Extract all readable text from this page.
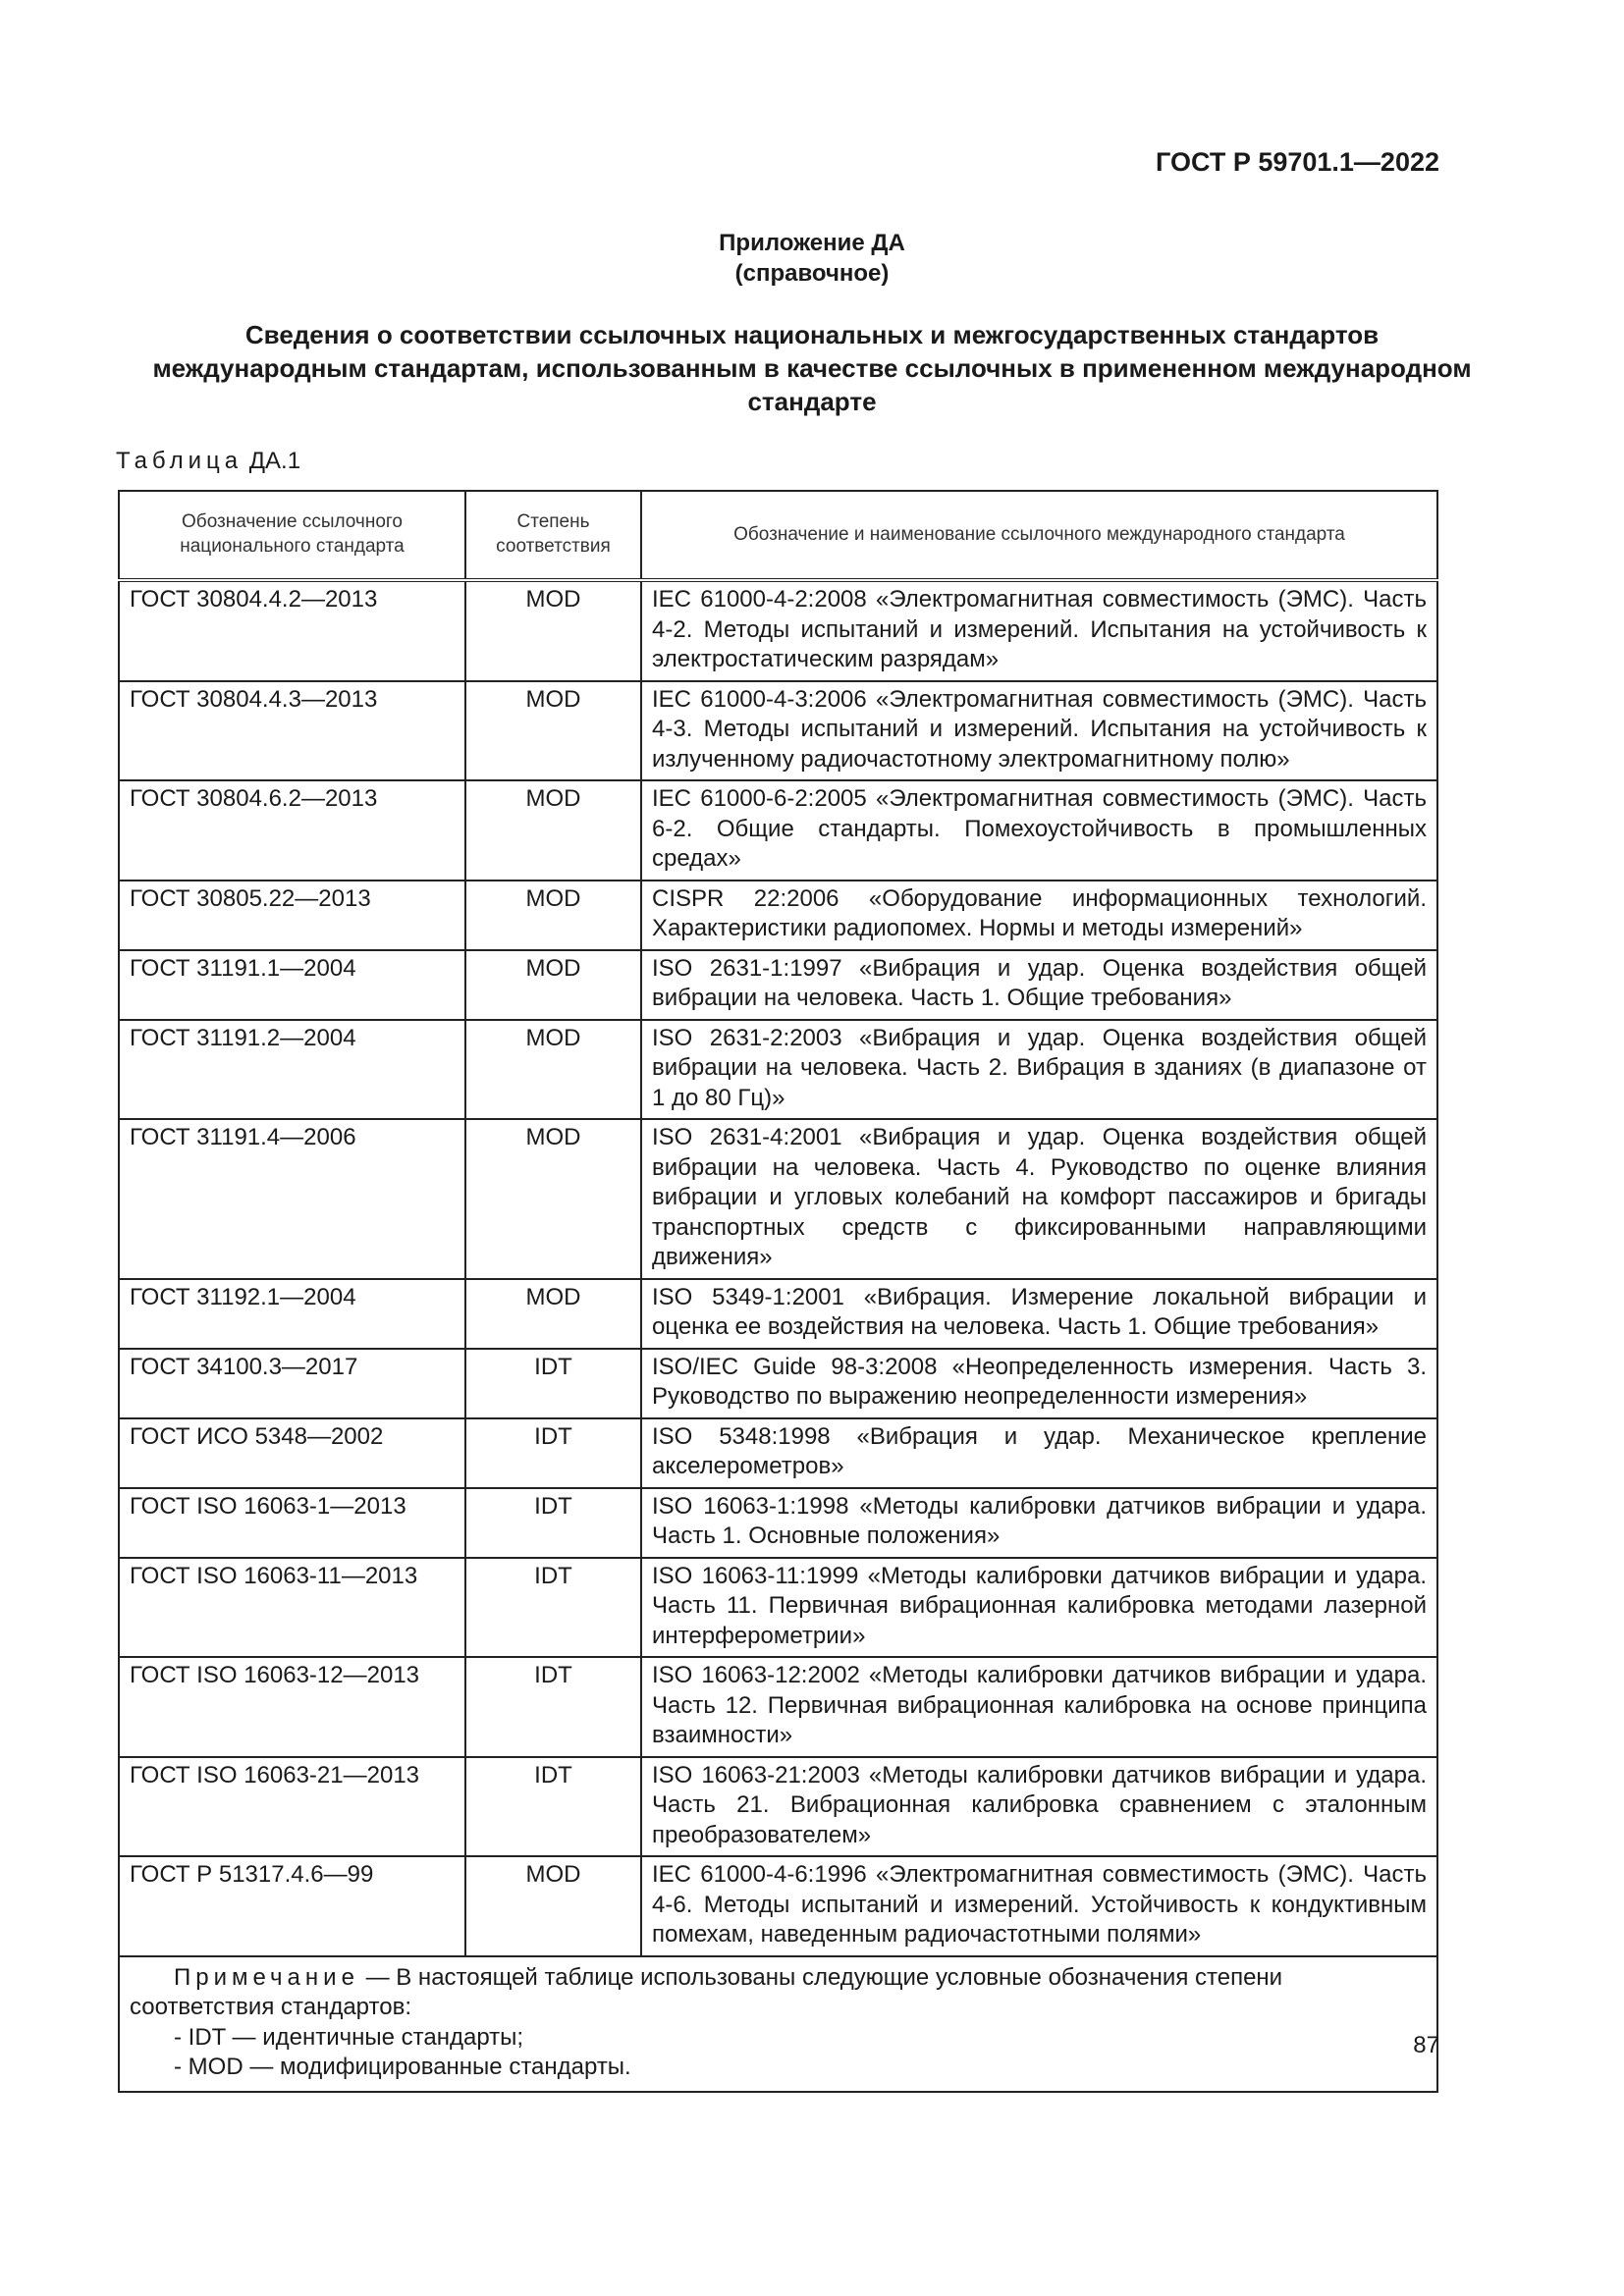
ГОСТ Р 59701.1—2022
Приложение ДА
(справочное)
Сведения о соответствии ссылочных национальных и межгосударственных стандартов международным стандартам, использованным в качестве ссылочных в примененном международном стандарте
Таблица ДА.1
Обозначение ссылочного национального стандарта	Степень соответствия	Обозначение и наименование ссылочного международного стандарта
ГОСТ 30804.4.2—2013	MOD	IEC 61000-4-2:2008 «Электромагнитная совместимость (ЭМС). Часть 4-2. Методы испытаний и измерений. Испытания на устойчивость к электростатическим разрядам»
ГОСТ 30804.4.3—2013	MOD	IEC 61000-4-3:2006 «Электромагнитная совместимость (ЭМС). Часть 4-3. Методы испытаний и измерений. Испытания на устойчивость к излученному радиочастотному электромагнитному полю»
ГОСТ 30804.6.2—2013	MOD	IEC 61000-6-2:2005 «Электромагнитная совместимость (ЭМС). Часть 6-2. Общие стандарты. Помехоустойчивость в промышленных средах»
ГОСТ 30805.22—2013	MOD	CISPR 22:2006 «Оборудование информационных технологий. Характеристики радиопомех. Нормы и методы измерений»
ГОСТ 31191.1—2004	MOD	ISO 2631-1:1997 «Вибрация и удар. Оценка воздействия общей вибрации на человека. Часть 1. Общие требования»
ГОСТ 31191.2—2004	MOD	ISO 2631-2:2003 «Вибрация и удар. Оценка воздействия общей вибрации на человека. Часть 2. Вибрация в зданиях (в диапазоне от 1 до 80 Гц)»
ГОСТ 31191.4—2006	MOD	ISO 2631-4:2001 «Вибрация и удар. Оценка воздействия общей вибрации на человека. Часть 4. Руководство по оценке влияния вибрации и угловых колебаний на комфорт пассажиров и бригады транспортных средств с фиксированными направляющими движения»
ГОСТ 31192.1—2004	MOD	ISO 5349-1:2001 «Вибрация. Измерение локальной вибрации и оценка ее воздействия на человека. Часть 1. Общие требования»
ГОСТ 34100.3—2017	IDT	ISO/IEC Guide 98-3:2008 «Неопределенность измерения. Часть 3. Руководство по выражению неопределенности измерения»
ГОСТ ИСО 5348—2002	IDT	ISO 5348:1998 «Вибрация и удар. Механическое крепление акселерометров»
ГОСТ ISO 16063-1—2013	IDT	ISO 16063-1:1998 «Методы калибровки датчиков вибрации и удара. Часть 1. Основные положения»
ГОСТ ISO 16063-11—2013	IDT	ISO 16063-11:1999 «Методы калибровки датчиков вибрации и удара. Часть 11. Первичная вибрационная калибровка методами лазерной интерферометрии»
ГОСТ ISO 16063-12—2013	IDT	ISO 16063-12:2002 «Методы калибровки датчиков вибрации и удара. Часть 12. Первичная вибрационная калибровка на основе принципа взаимности»
ГОСТ ISO 16063-21—2013	IDT	ISO 16063-21:2003 «Методы калибровки датчиков вибрации и удара. Часть 21. Вибрационная калибровка сравнением с эталонным преобразователем»
ГОСТ Р 51317.4.6—99	MOD	IEC 61000-4-6:1996 «Электромагнитная совместимость (ЭМС). Часть 4-6. Методы испытаний и измерений. Устойчивость к кондуктивным помехам, наведенным радиочастотными полями»

Примечание — В настоящей таблице использованы следующие условные обозначения степени соответствия стандартов:
- IDT — идентичные стандарты;
- MOD — модифицированные стандарты.		
87
